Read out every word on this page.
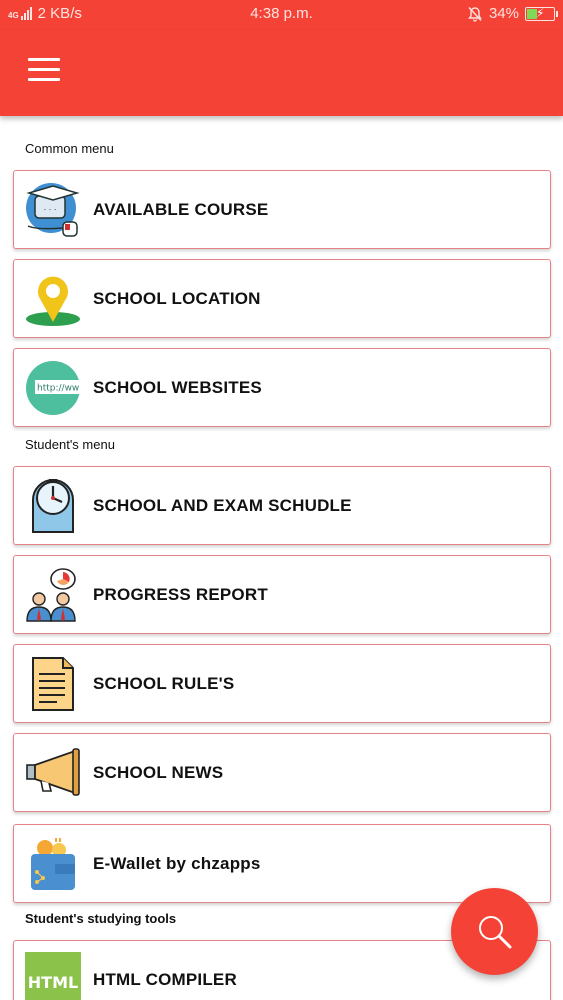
4G 2 KB/s	4:38 p.m.	34% ⚡
Common menu
. . . AVAILABLE COURSE
SCHOOL LOCATION
http://ww SCHOOL WEBSITES
Student's menu
SCHOOL AND EXAM SCHUDLE
PROGRESS REPORT
SCHOOL RULE'S
SCHOOL NEWS
E-Wallet by chzapps
Student's studying tools
HTML HTML COMPILER
